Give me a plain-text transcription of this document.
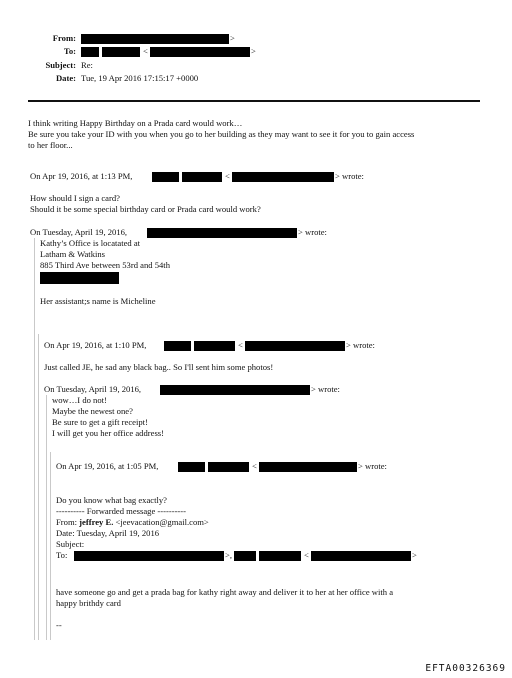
From:	>
To:	<	>
Subject: Re:
Date: Tue, 19 Apr 2016 17:15:17 +0000
I think writing Happy Birthday on a Prada card would work…
Be sure you take your ID with you when you go to her building as they may want to see it for you to gain access
to her floor...
On Apr 19, 2016, at 1:13 PM,	<	> wrote:
How should I sign a card?
Should it be some special birthday card or Prada card would work?
On Tuesday, April 19, 2016,	> wrote:
Kathy’s Office is locatated at
Latham & Watkins
885 Third Ave between 53rd and 54th
Her assistant;s name is Micheline
On Apr 19, 2016, at 1:10 PM,	<	> wrote:
Just called JE, he sad any black bag.. So I'll sent him some photos!
On Tuesday, April 19, 2016,	> wrote:
wow…I do not!
Maybe the newest one?
Be sure to get a gift receipt!
I will get you her office address!
On Apr 19, 2016, at 1:05 PM,	<	> wrote:
Do you know what bag exactly?
---------- Forwarded message ----------
From: jeffrey E. <jeevacation@gmail.com>
Date: Tuesday, April 19, 2016
Subject:
To:	>,	<	>
have someone go and get a prada bag for kathy right away and deliver it to her at her office with a
happy brithdy card
--
EFTA00326369
